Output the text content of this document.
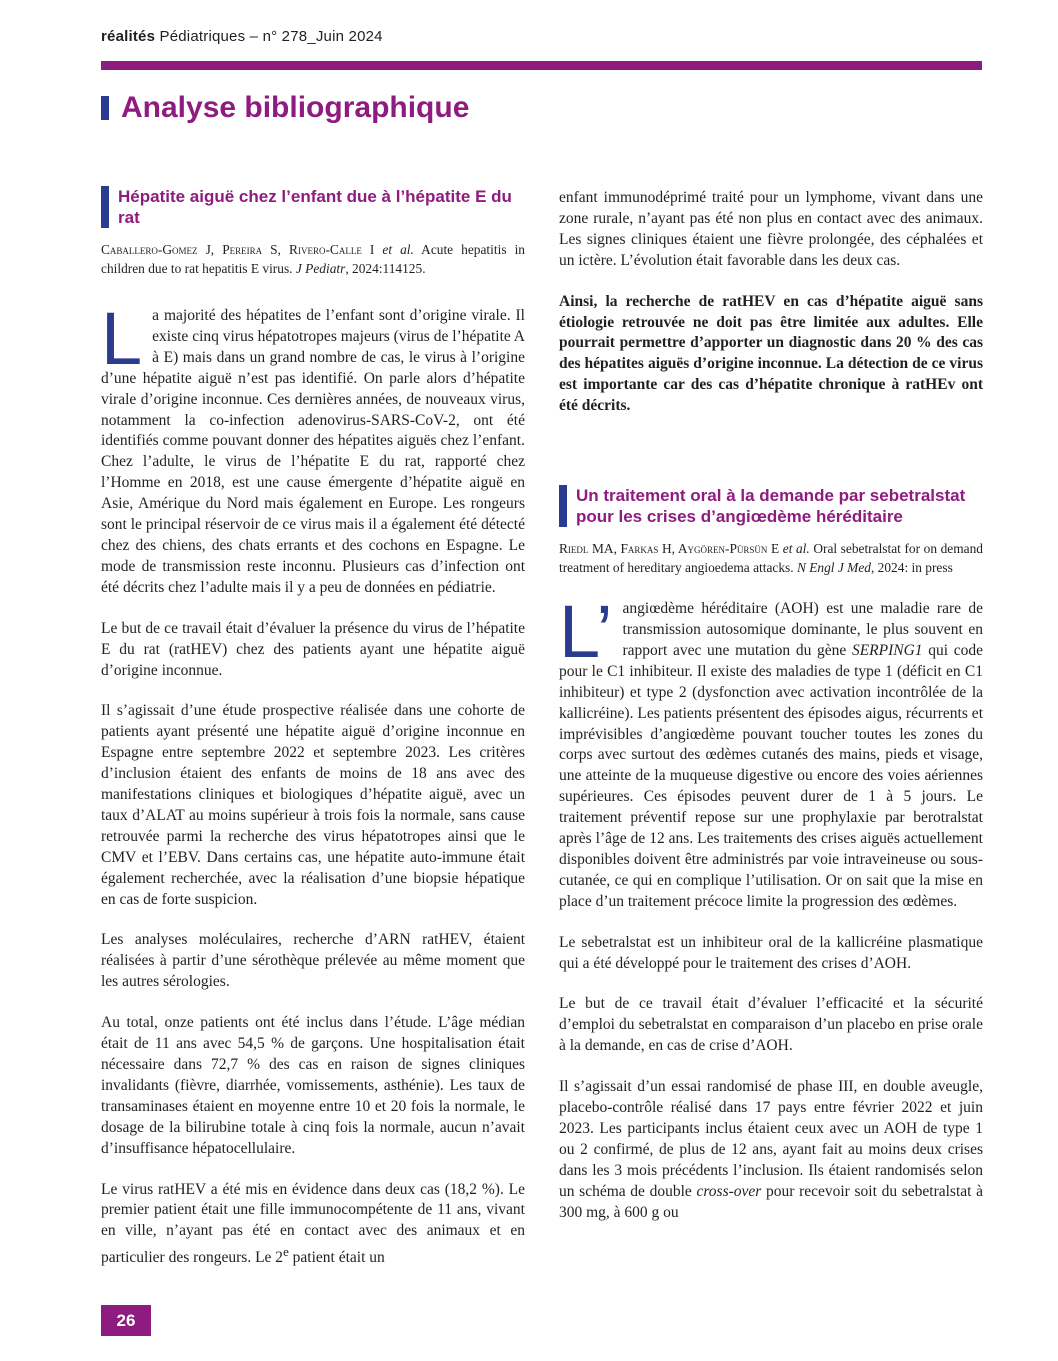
réalités Pédiatriques – n° 278_Juin 2024
Analyse bibliographique
Hépatite aiguë chez l’enfant due à l’hépatite E du rat
Caballero-Gomez J, Pereira S, Rivero-Calle I et al. Acute hepatitis in children due to rat hepatitis E virus. J Pediatr, 2024:114125.

La majorité des hépatites de l’enfant sont d’origine virale. Il existe cinq virus hépatotropes majeurs (virus de l’hépatite A à E) mais dans un grand nombre de cas, le virus à l’origine d’une hépatite aiguë n’est pas identifié. On parle alors d’hépatite virale d’origine inconnue. Ces dernières années, de nouveaux virus, notamment la co-infection adenovirus-SARS-CoV-2, ont été identifiés comme pouvant donner des hépatites aiguës chez l’enfant. Chez l’adulte, le virus de l’hépatite E du rat, rapporté chez l’Homme en 2018, est une cause émergente d’hépatite aiguë en Asie, Amérique du Nord mais également en Europe. Les rongeurs sont le principal réservoir de ce virus mais il a également été détecté chez des chiens, des chats errants et des cochons en Espagne. Le mode de transmission reste inconnu. Plusieurs cas d’infection ont été décrits chez l’adulte mais il y a peu de données en pédiatrie.

Le but de ce travail était d’évaluer la présence du virus de l’hépatite E du rat (ratHEV) chez des patients ayant une hépatite aiguë d’origine inconnue.

Il s’agissait d’une étude prospective réalisée dans une cohorte de patients ayant présenté une hépatite aiguë d’origine inconnue en Espagne entre septembre 2022 et septembre 2023. Les critères d’inclusion étaient des enfants de moins de 18 ans avec des manifestations cliniques et biologiques d’hépatite aiguë, avec un taux d’ALAT au moins supérieur à trois fois la normale, sans cause retrouvée parmi la recherche des virus hépatotropes ainsi que le CMV et l’EBV. Dans certains cas, une hépatite auto-immune était également recherchée, avec la réalisation d’une biopsie hépatique en cas de forte suspicion.

Les analyses moléculaires, recherche d’ARN ratHEV, étaient réalisées à partir d’une sérothèque prélevée au même moment que les autres sérologies.

Au total, onze patients ont été inclus dans l’étude. L’âge médian était de 11 ans avec 54,5 % de garçons. Une hospitalisation était nécessaire dans 72,7 % des cas en raison de signes cliniques invalidants (fièvre, diarrhée, vomissements, asthénie). Les taux de transaminases étaient en moyenne entre 10 et 20 fois la normale, le dosage de la bilirubine totale à cinq fois la normale, aucun n’avait d’insuffisance hépatocellulaire.

Le virus ratHEV a été mis en évidence dans deux cas (18,2 %). Le premier patient était une fille immunocompétente de 11 ans, vivant en ville, n’ayant pas été en contact avec des animaux et en particulier des rongeurs. Le 2e patient était un

enfant immunodéprimé traité pour un lymphome, vivant dans une zone rurale, n’ayant pas été non plus en contact avec des animaux. Les signes cliniques étaient une fièvre prolongée, des céphalées et un ictère. L’évolution était favorable dans les deux cas.

Ainsi, la recherche de ratHEV en cas d’hépatite aiguë sans étiologie retrouvée ne doit pas être limitée aux adultes. Elle pourrait permettre d’apporter un diagnostic dans 20 % des cas des hépatites aiguës d’origine inconnue. La détection de ce virus est importante car des cas d’hépatite chronique à ratHEv ont été décrits.

Un traitement oral à la demande par sebetralstat pour les crises d’angiœdème héréditaire
Riedl MA, Farkas H, Aygören-Pürsün E et al. Oral sebetralstat for on demand treatment of hereditary angioedema attacks. N Engl J Med, 2024: in press

L’ angiœdème héréditaire (AOH) est une maladie rare de transmission autosomique dominante, le plus souvent en rapport avec une mutation du gène SERPING1 qui code pour le C1 inhibiteur. Il existe des maladies de type 1 (déficit en C1 inhibiteur) et type 2 (dysfonction avec activation incontrôlée de la kallicréine). Les patients présentent des épisodes aigus, récurrents et imprévisibles d’angiœdème pouvant toucher toutes les zones du corps avec surtout des œdèmes cutanés des mains, pieds et visage, une atteinte de la muqueuse digestive ou encore des voies aériennes supérieures. Ces épisodes peuvent durer de 1 à 5 jours. Le traitement préventif repose sur une prophylaxie par berotralstat après l’âge de 12 ans. Les traitements des crises aiguës actuellement disponibles doivent être administrés par voie intraveineuse ou sous-cutanée, ce qui en complique l’utilisation. Or on sait que la mise en place d’un traitement précoce limite la progression des œdèmes.

Le sebetralstat est un inhibiteur oral de la kallicréine plasmatique qui a été développé pour le traitement des crises d’AOH.

Le but de ce travail était d’évaluer l’efficacité et la sécurité d’emploi du sebetralstat en comparaison d’un placebo en prise orale à la demande, en cas de crise d’AOH.

Il s’agissait d’un essai randomisé de phase III, en double aveugle, placebo-contrôle réalisé dans 17 pays entre février 2022 et juin 2023. Les participants inclus étaient ceux avec un AOH de type 1 ou 2 confirmé, de plus de 12 ans, ayant fait au moins deux crises dans les 3 mois précédents l’inclusion. Ils étaient randomisés selon un schéma de double cross-over pour recevoir soit du sebetralstat à 300 mg, à 600 g ou

26
